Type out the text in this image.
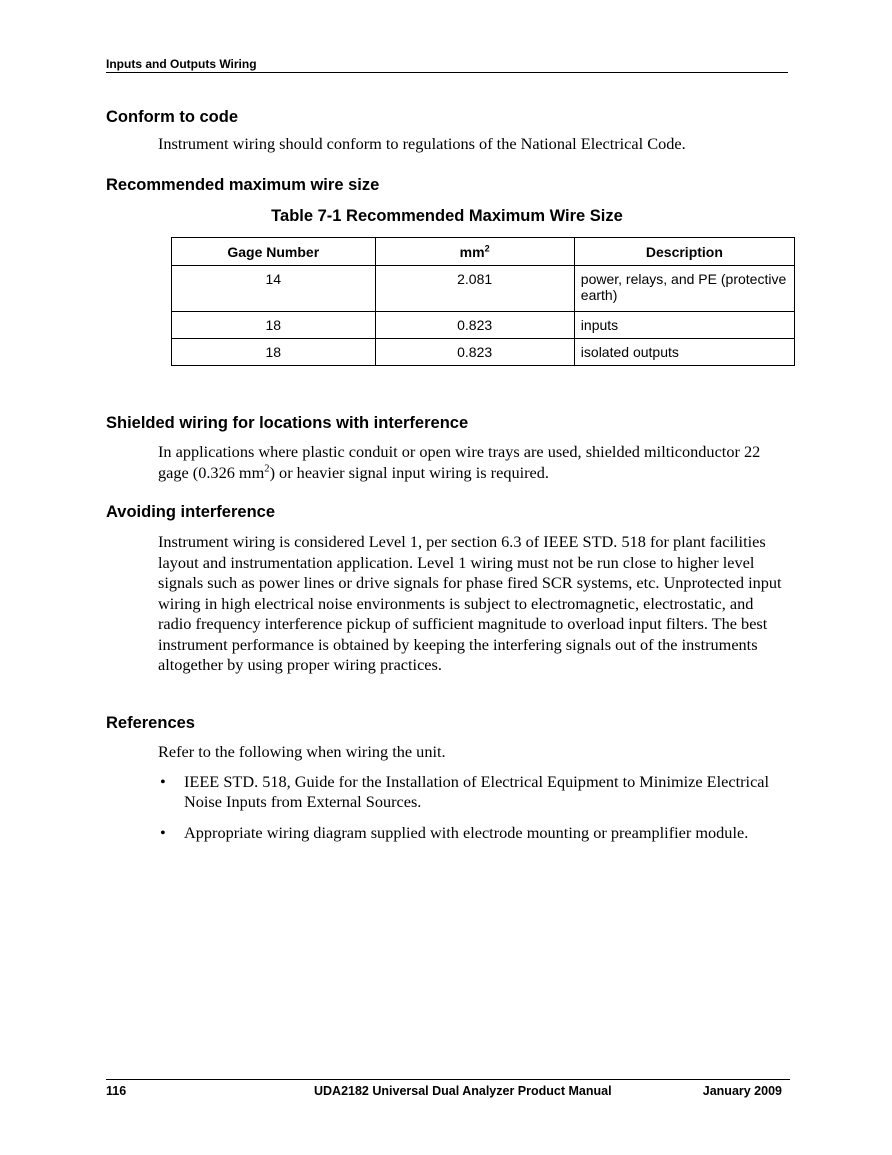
Inputs and Outputs Wiring
Conform to code

Instrument wiring should conform to regulations of the National Electrical Code.

Recommended maximum wire size
Table 7-1 Recommended Maximum Wire Size
Gage Number	$mm^2$	Description
14	2.081	power, relays, and PE (protective earth)
18	0.823	inputs
18	0.823	isolated outputs
Shielded wiring for locations with interference

In applications where plastic conduit or open wire trays are used, shielded milticonductor 22 gage (0.326 $mm^2$) or heavier signal input wiring is required.

Avoiding interference

Instrument wiring is considered Level 1, per section 6.3 of IEEE STD. 518 for plant facilities layout and instrumentation application. Level 1 wiring must not be run close to higher level signals such as power lines or drive signals for phase fired SCR systems, etc. Unprotected input wiring in high electrical noise environments is subject to electromagnetic, electrostatic, and radio frequency interference pickup of sufficient magnitude to overload input filters. The best instrument performance is obtained by keeping the interfering signals out of the instruments altogether by using proper wiring practices.

References

Refer to the following when wiring the unit.

• IEEE STD. 518, Guide for the Installation of Electrical Equipment to Minimize Electrical Noise Inputs from External Sources.
• Appropriate wiring diagram supplied with electrode mounting or preamplifier module.
116	UDA2182 Universal Dual Analyzer Product Manual	January 2009
